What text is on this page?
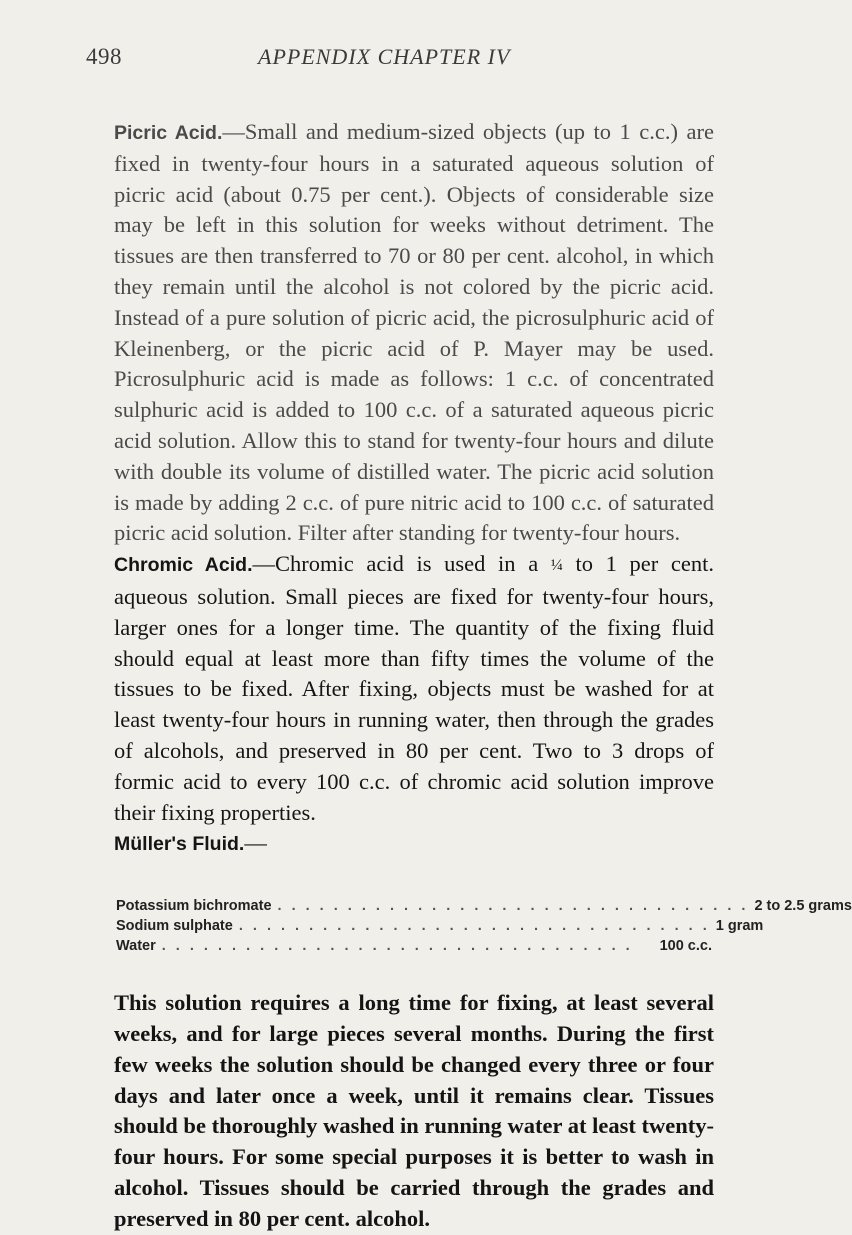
498	APPENDIX CHAPTER IV

Picric Acid.—Small and medium-sized objects (up to 1 c.c.) are fixed in twenty-four hours in a saturated aqueous solution of picric acid (about 0.75 per cent.). Objects of considerable size may be left in this solution for weeks without detriment. The tissues are then transferred to 70 or 80 per cent. alcohol, in which they remain until the alcohol is not colored by the picric acid. Instead of a pure solution of picric acid, the picrosulphuric acid of Kleinenberg, or the picric acid of P. Mayer may be used. Picrosulphuric acid is made as follows: 1 c.c. of concentrated sulphuric acid is added to 100 c.c. of a saturated aqueous picric acid solution. Allow this to stand for twenty-four hours and dilute with double its volume of distilled water. The picric acid solution is made by adding 2 c.c. of pure nitric acid to 100 c.c. of saturated picric acid solution. Filter after standing for twenty-four hours.

Chromic Acid.—Chromic acid is used in a ¼ to 1 per cent. aqueous solution. Small pieces are fixed for twenty-four hours, larger ones for a longer time. The quantity of the fixing fluid should equal at least more than fifty times the volume of the tissues to be fixed. After fixing, objects must be washed for at least twenty-four hours in running water, then through the grades of alcohols, and preserved in 80 per cent. Two to 3 drops of formic acid to every 100 c.c. of chromic acid solution improve their fixing properties.

Müller's Fluid.—

Potassium bichromate . . . . . . . . . . . . . . . . . . . . . . . . . . . . . . . . . . 2 to 2.5 grams
Sodium sulphate . . . . . . . . . . . . . . . . . . . . . . . . . . . . . . . . . . 1 gram
Water . . . . . . . . . . . . . . . . . . . . . . . . . . . . . . . . . .	100 c.c.

This solution requires a long time for fixing, at least several weeks, and for large pieces several months. During the first few weeks the solution should be changed every three or four days and later once a week, until it remains clear. Tissues should be thoroughly washed in running water at least twenty-four hours. For some special purposes it is better to wash in alcohol. Tissues should be carried through the grades and preserved in 80 per cent. alcohol.
